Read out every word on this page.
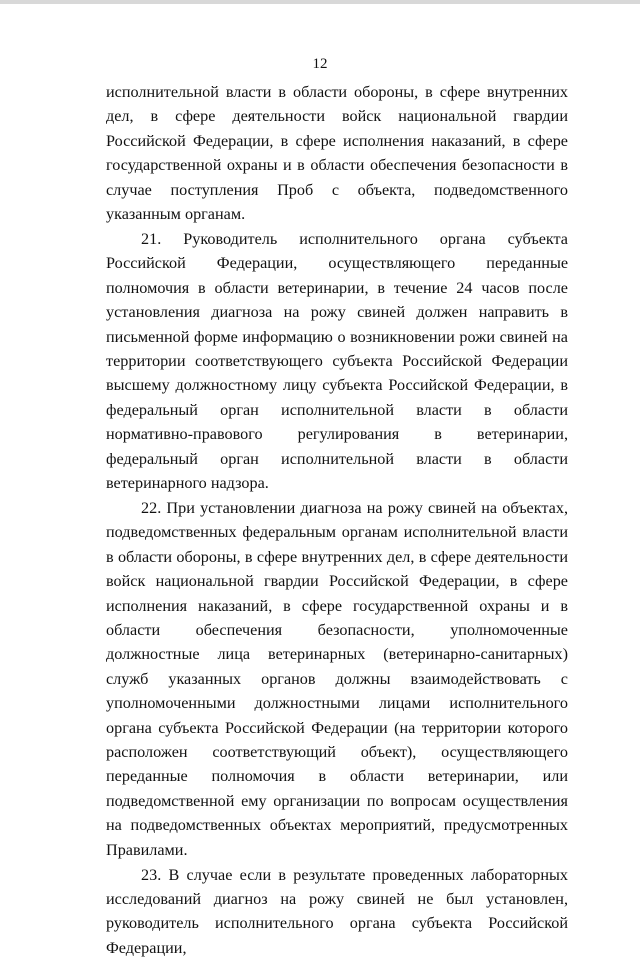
12

исполнительной власти в области обороны, в сфере внутренних дел, в сфере деятельности войск национальной гвардии Российской Федерации, в сфере исполнения наказаний, в сфере государственной охраны и в области обеспечения безопасности в случае поступления Проб с объекта, подведомственного указанным органам.

21. Руководитель исполнительного органа субъекта Российской Федерации, осуществляющего переданные полномочия в области ветеринарии, в течение 24 часов после установления диагноза на рожу свиней должен направить в письменной форме информацию о возникновении рожи свиней на территории соответствующего субъекта Российской Федерации высшему должностному лицу субъекта Российской Федерации, в федеральный орган исполнительной власти в области нормативно-правового регулирования в ветеринарии, федеральный орган исполнительной власти в области ветеринарного надзора.

22. При установлении диагноза на рожу свиней на объектах, подведомственных федеральным органам исполнительной власти в области обороны, в сфере внутренних дел, в сфере деятельности войск национальной гвардии Российской Федерации, в сфере исполнения наказаний, в сфере государственной охраны и в области обеспечения безопасности, уполномоченные должностные лица ветеринарных (ветеринарно-санитарных) служб указанных органов должны взаимодействовать с уполномоченными должностными лицами исполнительного органа субъекта Российской Федерации (на территории которого расположен соответствующий объект), осуществляющего переданные полномочия в области ветеринарии, или подведомственной ему организации по вопросам осуществления на подведомственных объектах мероприятий, предусмотренных Правилами.

23. В случае если в результате проведенных лабораторных исследований диагноз на рожу свиней не был установлен, руководитель исполнительного органа субъекта Российской Федерации,
